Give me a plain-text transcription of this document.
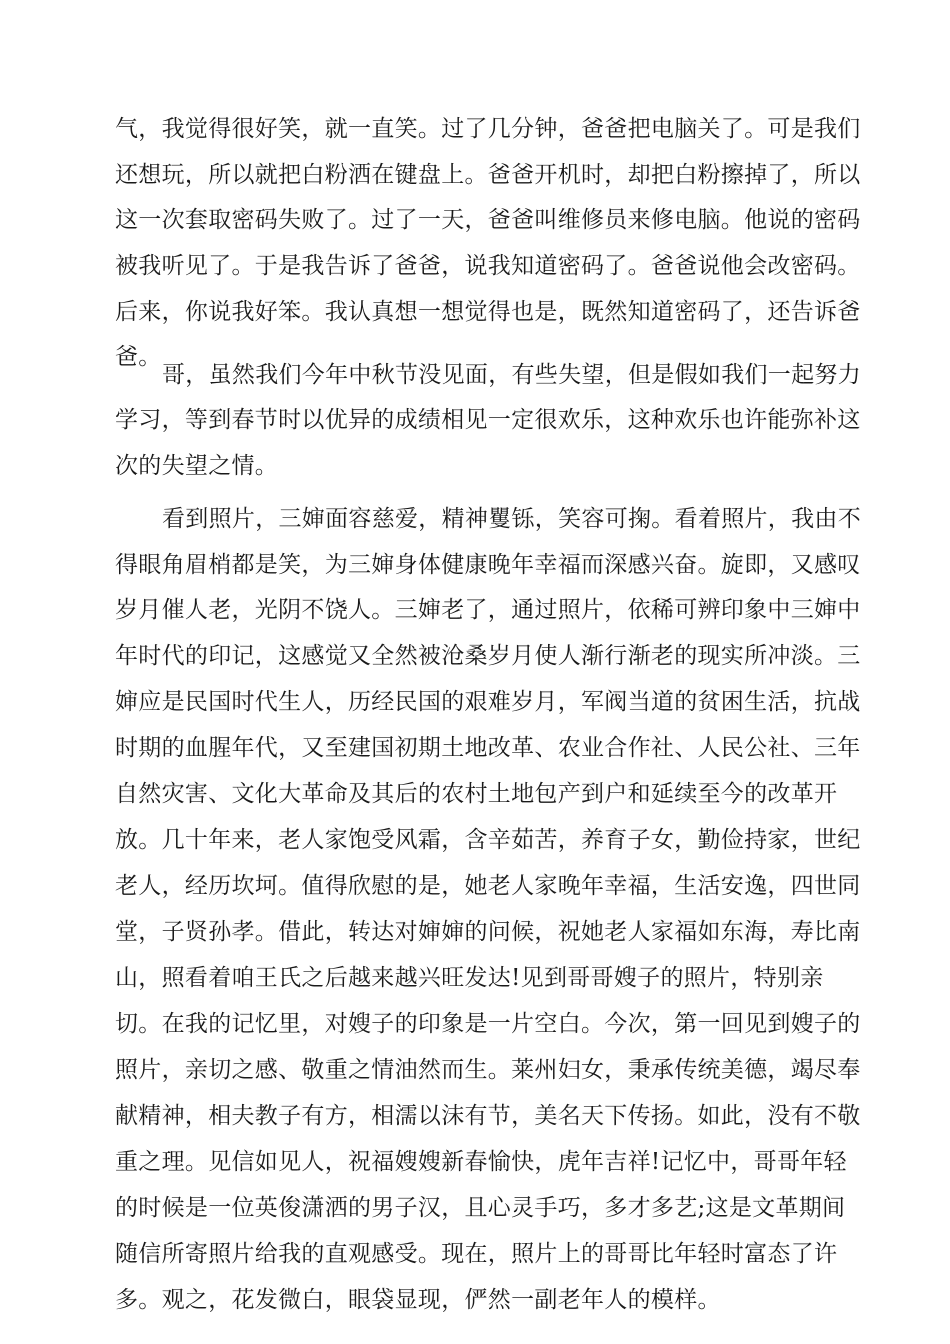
气，我觉得很好笑，就一直笑。过了几分钟，爸爸把电脑关了。可是我们
还想玩，所以就把白粉洒在键盘上。爸爸开机时，却把白粉擦掉了，所以
这一次套取密码失败了。过了一天，爸爸叫维修员来修电脑。他说的密码
被我听见了。于是我告诉了爸爸，说我知道密码了。爸爸说他会改密码。
后来，你说我好笨。我认真想一想觉得也是，既然知道密码了，还告诉爸
爸。
哥，虽然我们今年中秋节没见面，有些失望，但是假如我们一起努力
学习，等到春节时以优异的成绩相见一定很欢乐，这种欢乐也许能弥补这
次的失望之情。
看到照片，三婶面容慈爱，精神矍铄，笑容可掬。看着照片，我由不
得眼角眉梢都是笑，为三婶身体健康晚年幸福而深感兴奋。旋即，又感叹
岁月催人老，光阴不饶人。三婶老了，通过照片，依稀可辨印象中三婶中
年时代的印记，这感觉又全然被沧桑岁月使人渐行渐老的现实所冲淡。三
婶应是民国时代生人，历经民国的艰难岁月，军阀当道的贫困生活，抗战
时期的血腥年代，又至建国初期土地改革、农业合作社、人民公社、三年
自然灾害、文化大革命及其后的农村土地包产到户和延续至今的改革开
放。几十年来，老人家饱受风霜，含辛茹苦，养育子女，勤俭持家，世纪
老人，经历坎坷。值得欣慰的是，她老人家晚年幸福，生活安逸，四世同
堂，子贤孙孝。借此，转达对婶婶的问候，祝她老人家福如东海，寿比南
山，照看着咱王氏之后越来越兴旺发达!见到哥哥嫂子的照片，特别亲
切。在我的记忆里，对嫂子的印象是一片空白。今次，第一回见到嫂子的
照片，亲切之感、敬重之情油然而生。莱州妇女，秉承传统美德，竭尽奉
献精神，相夫教子有方，相濡以沫有节，美名天下传扬。如此，没有不敬
重之理。见信如见人，祝福嫂嫂新春愉快，虎年吉祥!记忆中，哥哥年轻
的时候是一位英俊潇洒的男子汉，且心灵手巧，多才多艺;这是文革期间
随信所寄照片给我的直观感受。现在，照片上的哥哥比年轻时富态了许
多。观之，花发微白，眼袋显现，俨然一副老年人的模样。
